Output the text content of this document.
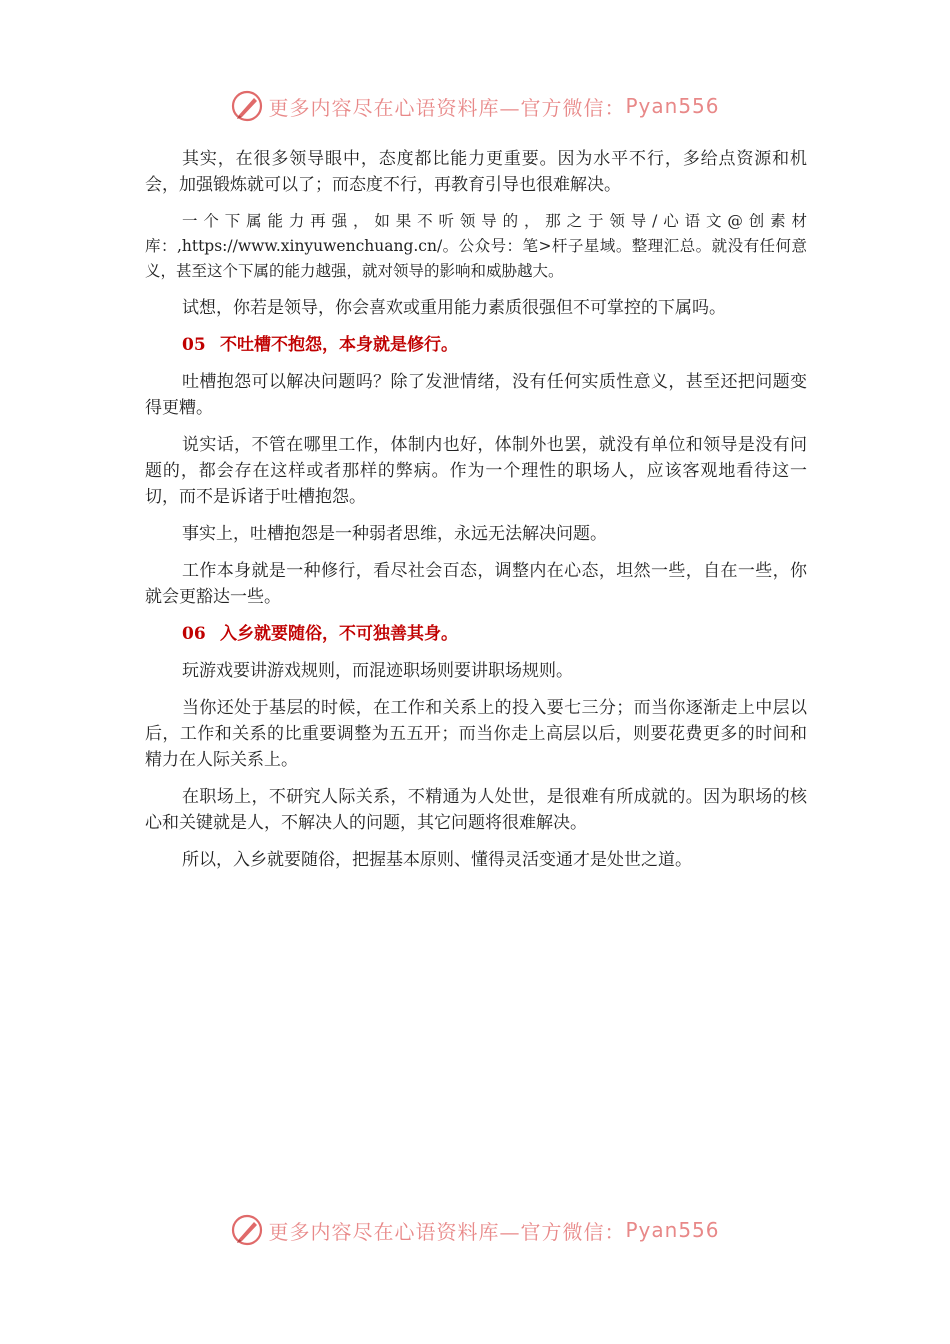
更多内容尽在心语资料库—官方微信： Pyan556

其实，在很多领导眼中，态度都比能力更重要。因为水平不行，多给点资源和机会，加强锻炼就可以了；而态度不行，再教育引导也很难解决。

一个下属能力再强，如果不听领导的，那之于领导/心语文@创素材库：,https://www.xinyuwenchuang.cn/。公众号：笔>杆子星域。整理汇总。就没有任何意义，甚至这个下属的能力越强，就对领导的影响和威胁越大。

试想，你若是领导，你会喜欢或重用能力素质很强但不可掌控的下属吗。

05 不吐槽不抱怨，本身就是修行。

吐槽抱怨可以解决问题吗？除了发泄情绪，没有任何实质性意义，甚至还把问题变得更糟。

说实话，不管在哪里工作，体制内也好，体制外也罢，就没有单位和领导是没有问题的，都会存在这样或者那样的弊病。作为一个理性的职场人，应该客观地看待这一切，而不是诉诸于吐槽抱怨。

事实上，吐槽抱怨是一种弱者思维，永远无法解决问题。

工作本身就是一种修行，看尽社会百态，调整内在心态，坦然一些，自在一些，你就会更豁达一些。

06 入乡就要随俗，不可独善其身。

玩游戏要讲游戏规则，而混迹职场则要讲职场规则。

当你还处于基层的时候，在工作和关系上的投入要七三分；而当你逐渐走上中层以后，工作和关系的比重要调整为五五开；而当你走上高层以后，则要花费更多的时间和精力在人际关系上。

在职场上，不研究人际关系，不精通为人处世，是很难有所成就的。因为职场的核心和关键就是人，不解决人的问题，其它问题将很难解决。

所以，入乡就要随俗，把握基本原则、懂得灵活变通才是处世之道。

更多内容尽在心语资料库—官方微信： Pyan556
